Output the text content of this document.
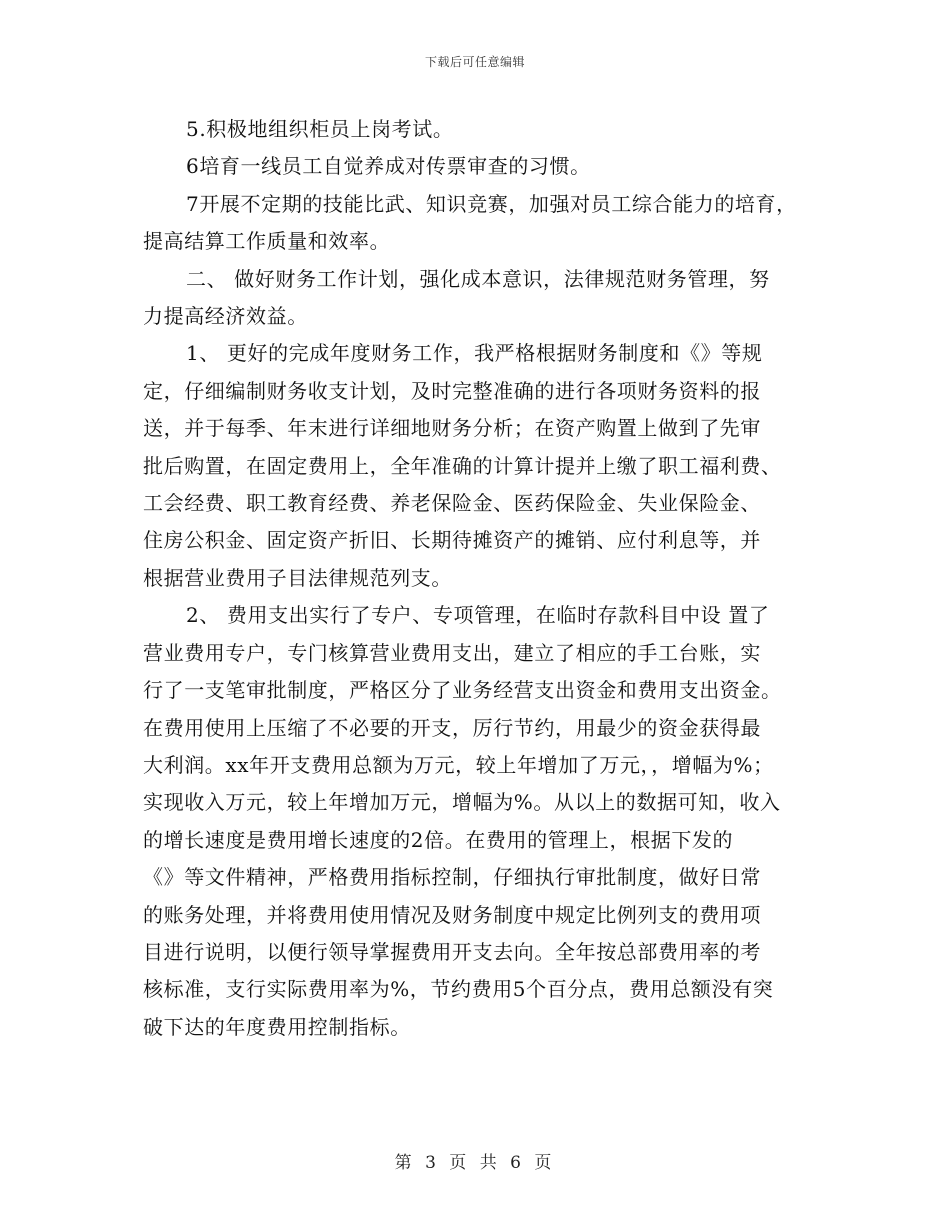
下载后可任意编辑

5.积极地组织柜员上岗考试。

6培育一线员工自觉养成对传票审查的习惯。

7开展不定期的技能比武、知识竞赛，加强对员工综合能力的培育，
提高结算工作质量和效率。

二、 做好财务工作计划，强化成本意识，法律规范财务管理，努
力提高经济效益。

1、 更好的完成年度财务工作，我严格根据财务制度和《》等规
定，仔细编制财务收支计划，及时完整准确的进行各项财务资料的报
送，并于每季、年末进行详细地财务分析；在资产购置上做到了先审
批后购置，在固定费用上，全年准确的计算计提并上缴了职工福利费、
工会经费、职工教育经费、养老保险金、医药保险金、失业保险金、
住房公积金、固定资产折旧、长期待摊资产的摊销、应付利息等，并
根据营业费用子目法律规范列支。

2、 费用支出实行了专户、专项管理，在临时存款科目中设 置了
营业费用专户，专门核算营业费用支出，建立了相应的手工台账，实
行了一支笔审批制度，严格区分了业务经营支出资金和费用支出资金。
在费用使用上压缩了不必要的开支，厉行节约，用最少的资金获得最
大利润。xx年开支费用总额为万元，较上年增加了万元，，增幅为%；
实现收入万元，较上年增加万元，增幅为%。从以上的数据可知，收入
的增长速度是费用增长速度的2倍。在费用的管理上，根据下发的
《》等文件精神，严格费用指标控制，仔细执行审批制度，做好日常
的账务处理，并将费用使用情况及财务制度中规定比例列支的费用项
目进行说明，以便行领导掌握费用开支去向。全年按总部费用率的考
核标准，支行实际费用率为%，节约费用5个百分点，费用总额没有突
破下达的年度费用控制指标。

第 3 页 共 6 页
